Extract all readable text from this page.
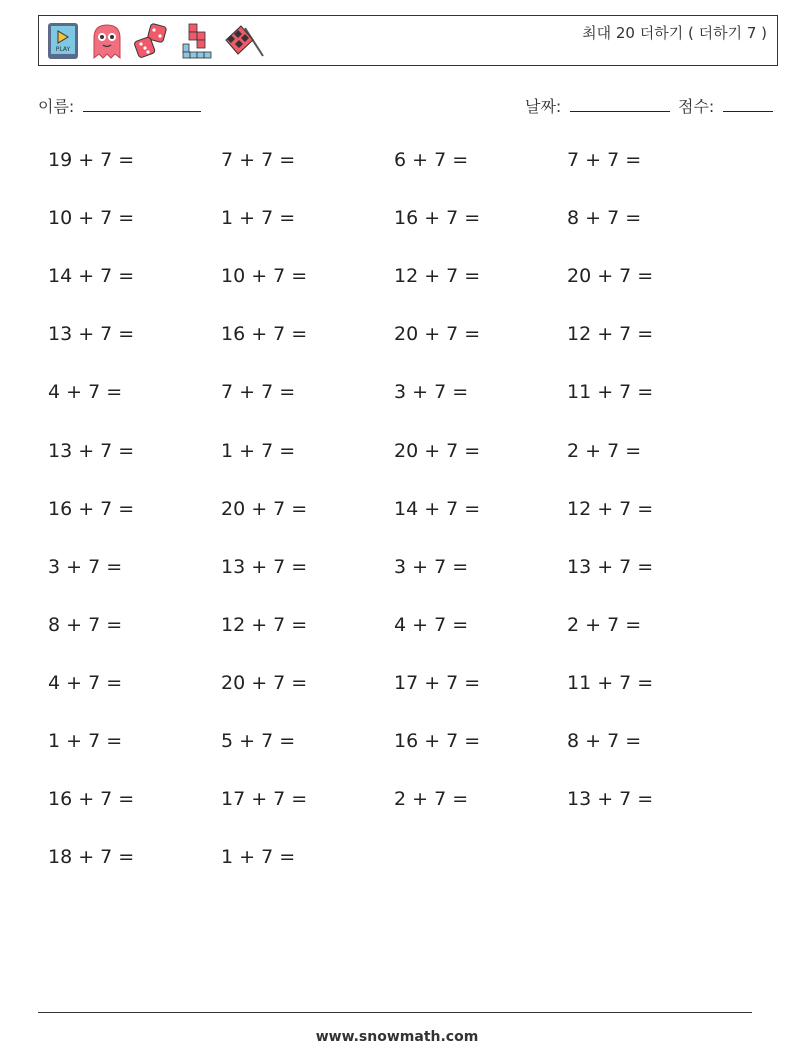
PLAY
최대 20 더하기 ( 더하기 7 )
이름:	날짜:	점수:
19 + 7 =	7 + 7 =	6 + 7 =	7 + 7 =
10 + 7 =	1 + 7 =	16 + 7 =	8 + 7 =
14 + 7 =	10 + 7 =	12 + 7 =	20 + 7 =
13 + 7 =	16 + 7 =	20 + 7 =	12 + 7 =
4 + 7 =	7 + 7 =	3 + 7 =	11 + 7 =
13 + 7 =	1 + 7 =	20 + 7 =	2 + 7 =
16 + 7 =	20 + 7 =	14 + 7 =	12 + 7 =
3 + 7 =	13 + 7 =	3 + 7 =	13 + 7 =
8 + 7 =	12 + 7 =	4 + 7 =	2 + 7 =
4 + 7 =	20 + 7 =	17 + 7 =	11 + 7 =
1 + 7 =	5 + 7 =	16 + 7 =	8 + 7 =
16 + 7 =	17 + 7 =	2 + 7 =	13 + 7 =
18 + 7 =	1 + 7 =
www.snowmath.com
